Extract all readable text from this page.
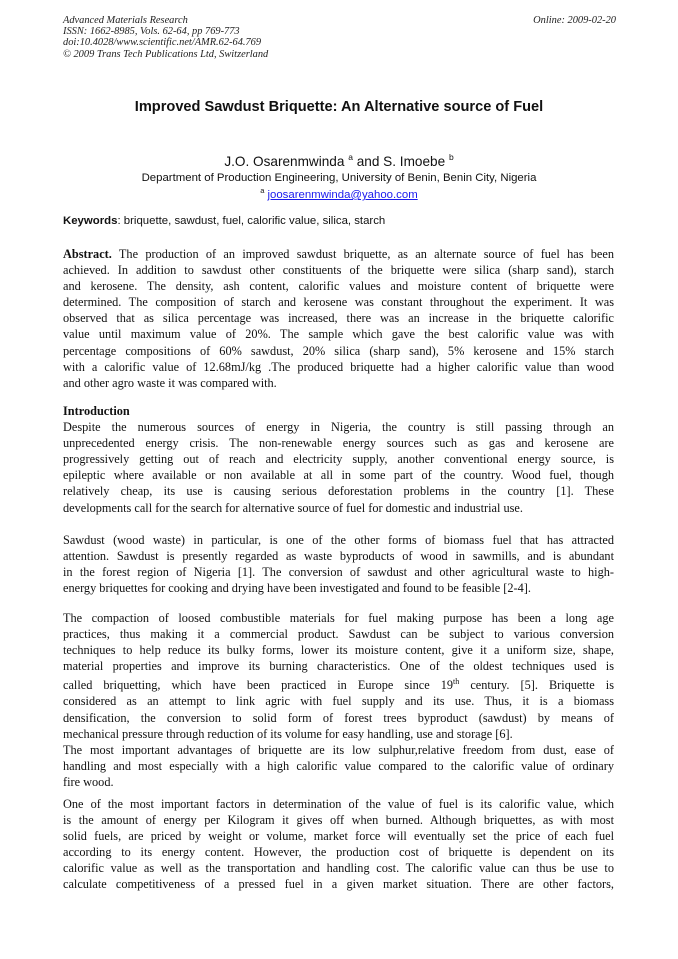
Advanced Materials Research
ISSN: 1662-8985, Vols. 62-64, pp 769-773
doi:10.4028/www.scientific.net/AMR.62-64.769
© 2009 Trans Tech Publications Ltd, Switzerland
Online: 2009-02-20
Improved Sawdust Briquette: An Alternative source of Fuel
J.O. Osarenmwinda $^a$ and S. Imoebe $^b$
Department of Production Engineering, University of Benin, Benin City, Nigeria
$^a$ joosarenmwinda@yahoo.com
Keywords: briquette, sawdust, fuel, calorific value, silica, starch
Abstract. The production of an improved sawdust briquette, as an alternate source of fuel has been
achieved. In addition to sawdust other constituents of the briquette were silica (sharp sand), starch
and kerosene. The density, ash content, calorific values and moisture content of briquette were
determined. The composition of starch and kerosene was constant throughout the experiment. It was
observed that as silica percentage was increased, there was an increase in the briquette calorific
value until maximum value of 20%. The sample which gave the best calorific value was with
percentage compositions of 60% sawdust, 20% silica (sharp sand), 5% kerosene and 15% starch
with a calorific value of 12.68mJ/kg .The produced briquette had a higher calorific value than wood
and other agro waste it was compared with.
Introduction
Despite the numerous sources of energy in Nigeria, the country is still passing through an
unprecedented energy crisis. The non-renewable energy sources such as gas and kerosene are
progressively getting out of reach and electricity supply, another conventional energy source, is
epileptic where available or non available at all in some part of the country. Wood fuel, though
relatively cheap, its use is causing serious deforestation problems in the country [1]. These
developments call for the search for alternative source of fuel for domestic and industrial use.
Sawdust (wood waste) in particular, is one of the other forms of biomass fuel that has attracted
attention. Sawdust is presently regarded as waste byproducts of wood in sawmills, and is abundant
in the forest region of Nigeria [1]. The conversion of sawdust and other agricultural waste to high-
energy briquettes for cooking and drying have been investigated and found to be feasible [2-4].
The compaction of loosed combustible materials for fuel making purpose has been a long age
practices, thus making it a commercial product. Sawdust can be subject to various conversion
techniques to help reduce its bulky forms, lower its moisture content, give it a uniform size, shape,
material properties and improve its burning characteristics. One of the oldest techniques used is
called briquetting, which have been practiced in Europe since 19th century. [5]. Briquette is
considered as an attempt to link agric with fuel supply and its use. Thus, it is a biomass
densification, the conversion to solid form of forest trees byproduct (sawdust) by means of
mechanical pressure through reduction of its volume for easy handling, use and storage [6].
The most important advantages of briquette are its low sulphur,relative freedom from dust, ease of
handling and most especially with a high calorific value compared to the calorific value of ordinary
fire wood.
One of the most important factors in determination of the value of fuel is its calorific value, which
is the amount of energy per Kilogram it gives off when burned. Although briquettes, as with most
solid fuels, are priced by weight or volume, market force will eventually set the price of each fuel
according to its energy content. However, the production cost of briquette is dependent on its
calorific value as well as the transportation and handling cost. The calorific value can thus be use to
calculate competitiveness of a pressed fuel in a given market situation. There are other factors,
